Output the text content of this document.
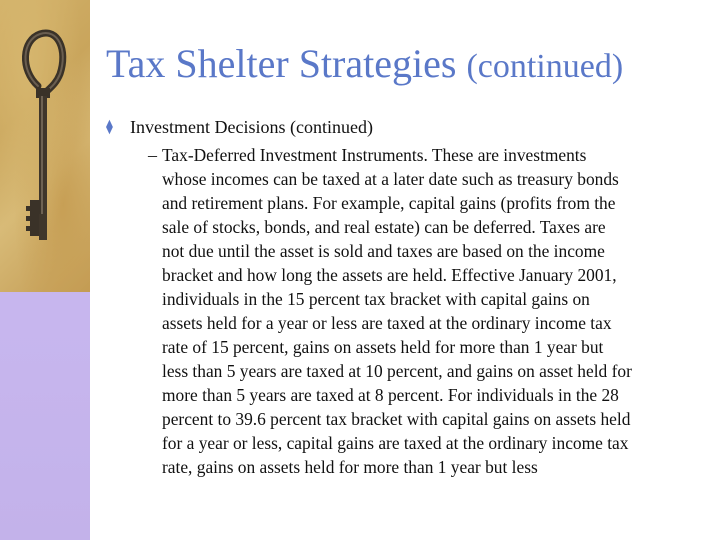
Tax Shelter Strategies (continued)
⧫ Investment Decisions (continued)
– Tax-Deferred Investment Instruments. These are investments
whose incomes can be taxed at a later date such as treasury bonds
and retirement plans. For example, capital gains (profits from the
sale of stocks, bonds, and real estate) can be deferred. Taxes are
not due until the asset is sold and taxes are based on the income
bracket and how long the assets are held. Effective January 2001,
individuals in the 15 percent tax bracket with capital gains on
assets held for a year or less are taxed at the ordinary income tax
rate of 15 percent, gains on assets held for more than 1 year but
less than 5 years are taxed at 10 percent, and gains on asset held for
more than 5 years are taxed at 8 percent. For individuals in the 28
percent to 39.6 percent tax bracket with capital gains on assets held
for a year or less, capital gains are taxed at the ordinary income tax
rate, gains on assets held for more than 1 year but less
